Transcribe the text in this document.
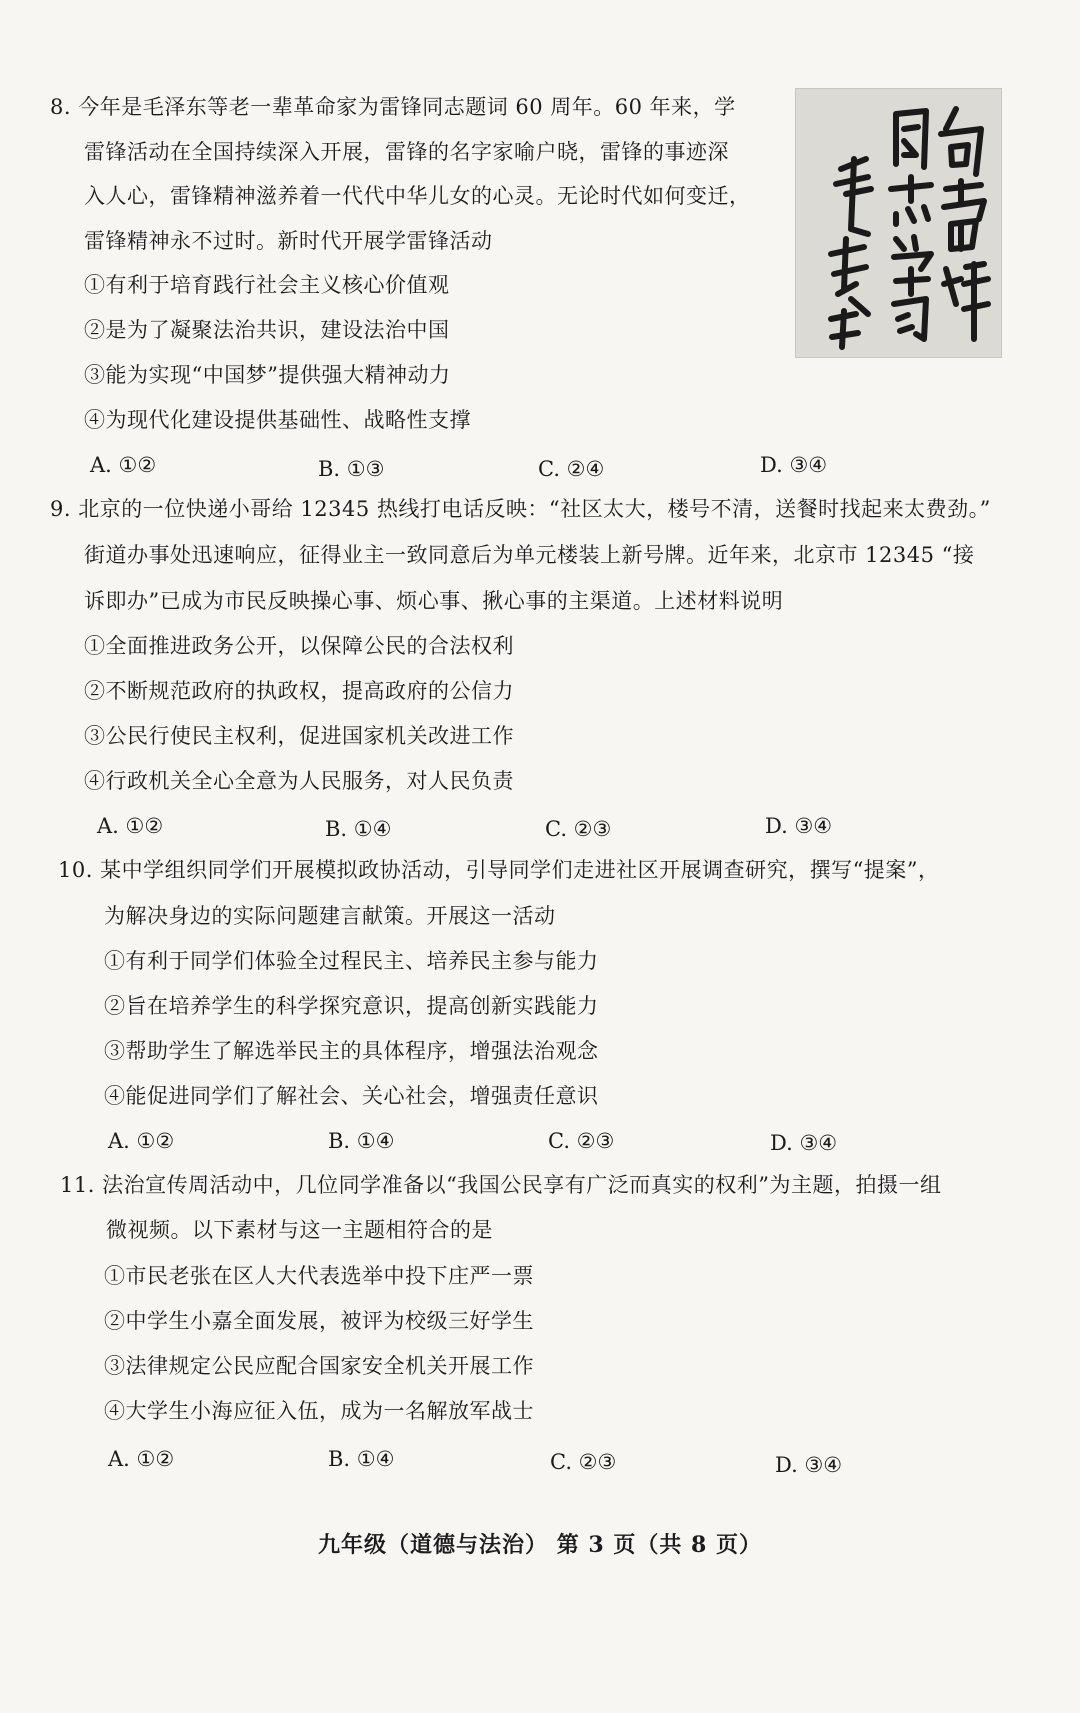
8. 今年是毛泽东等老一辈革命家为雷锋同志题词 60 周年。60 年来，学
雷锋活动在全国持续深入开展，雷锋的名字家喻户晓，雷锋的事迹深
入人心，雷锋精神滋养着一代代中华儿女的心灵。无论时代如何变迁，
雷锋精神永不过时。新时代开展学雷锋活动
①有利于培育践行社会主义核心价值观
②是为了凝聚法治共识，建设法治中国
③能为实现“中国梦”提供强大精神动力
④为现代化建设提供基础性、战略性支撑
A. ①②	B. ①③	C. ②④	D. ③④
9. 北京的一位快递小哥给 12345 热线打电话反映：“社区太大，楼号不清，送餐时找起来太费劲。”
街道办事处迅速响应，征得业主一致同意后为单元楼装上新号牌。近年来，北京市 12345 “接
诉即办”已成为市民反映操心事、烦心事、揪心事的主渠道。上述材料说明
①全面推进政务公开，以保障公民的合法权利
②不断规范政府的执政权，提高政府的公信力
③公民行使民主权利，促进国家机关改进工作
④行政机关全心全意为人民服务，对人民负责
A. ①②	B. ①④	C. ②③	D. ③④
10. 某中学组织同学们开展模拟政协活动，引导同学们走进社区开展调查研究，撰写“提案”，
为解决身边的实际问题建言献策。开展这一活动
①有利于同学们体验全过程民主、培养民主参与能力
②旨在培养学生的科学探究意识，提高创新实践能力
③帮助学生了解选举民主的具体程序，增强法治观念
④能促进同学们了解社会、关心社会，增强责任意识
A. ①②	B. ①④	C. ②③	D. ③④
11. 法治宣传周活动中，几位同学准备以“我国公民享有广泛而真实的权利”为主题，拍摄一组
微视频。以下素材与这一主题相符合的是
①市民老张在区人大代表选举中投下庄严一票
②中学生小嘉全面发展，被评为校级三好学生
③法律规定公民应配合国家安全机关开展工作
④大学生小海应征入伍，成为一名解放军战士
A. ①②	B. ①④	C. ②③	D. ③④
九年级（道德与法治） 第 3 页（共 8 页）
